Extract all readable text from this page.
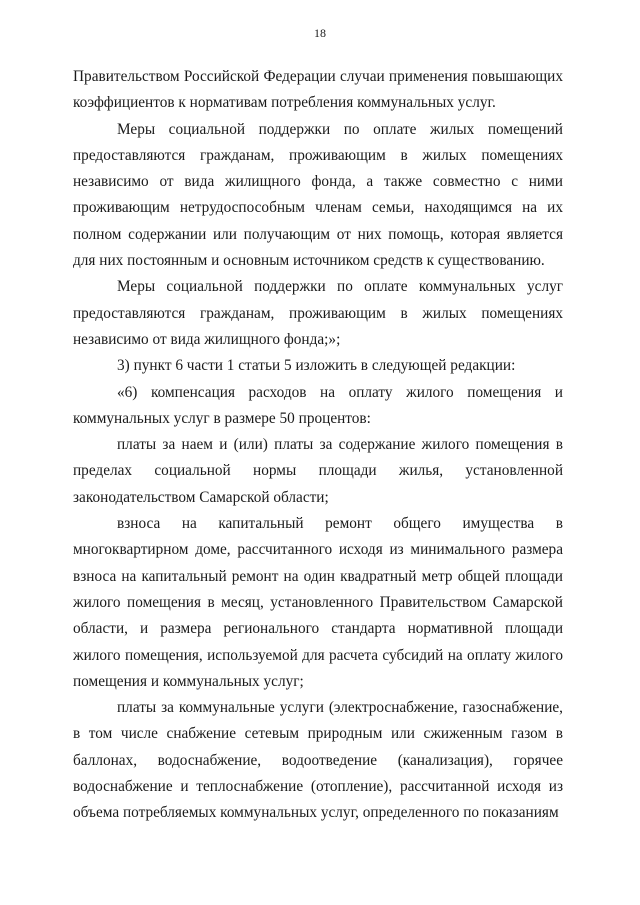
18

Правительством Российской Федерации случаи применения повышающих коэффициентов к нормативам потребления коммунальных услуг.

Меры социальной поддержки по оплате жилых помещений предоставляются гражданам, проживающим в жилых помещениях независимо от вида жилищного фонда, а также совместно с ними проживающим нетрудоспособным членам семьи, находящимся на их полном содержании или получающим от них помощь, которая является для них постоянным и основным источником средств к существованию.

Меры социальной поддержки по оплате коммунальных услуг предоставляются гражданам, проживающим в жилых помещениях независимо от вида жилищного фонда;»;

3) пункт 6 части 1 статьи 5 изложить в следующей редакции:

«6) компенсация расходов на оплату жилого помещения и коммунальных услуг в размере 50 процентов:

платы за наем и (или) платы за содержание жилого помещения в пределах социальной нормы площади жилья, установленной законодательством Самарской области;

взноса на капитальный ремонт общего имущества в многоквартирном доме, рассчитанного исходя из минимального размера взноса на капитальный ремонт на один квадратный метр общей площади жилого помещения в месяц, установленного Правительством Самарской области, и размера регионального стандарта нормативной площади жилого помещения, используемой для расчета субсидий на оплату жилого помещения и коммунальных услуг;

платы за коммунальные услуги (электроснабжение, газоснабжение, в том числе снабжение сетевым природным или сжиженным газом в баллонах, водоснабжение, водоотведение (канализация), горячее водоснабжение и теплоснабжение (отопление), рассчитанной исходя из объема потребляемых коммунальных услуг, определенного по показаниям
